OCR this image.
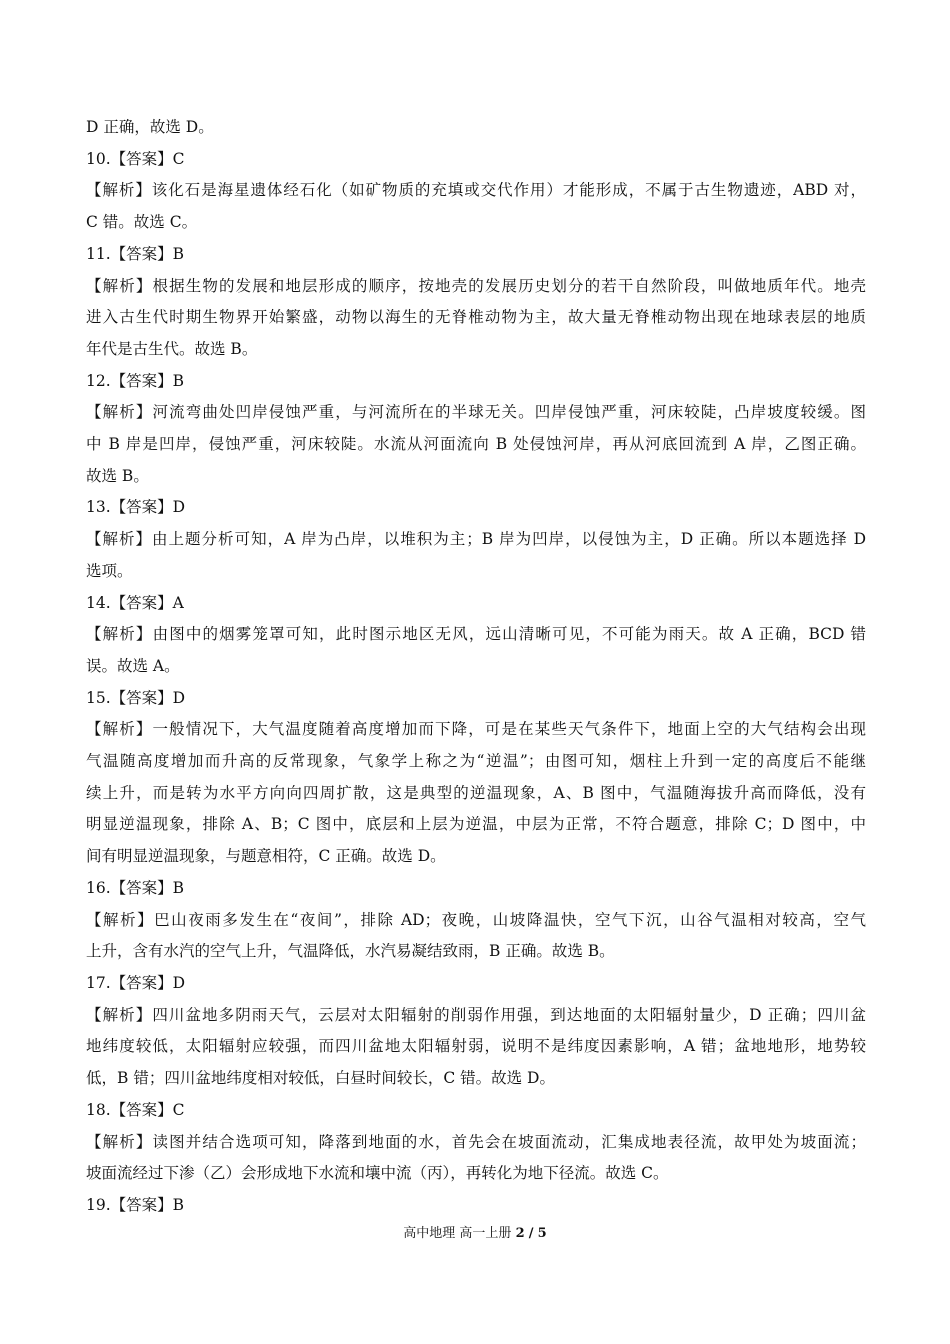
D 正确，故选 D。
10.【答案】C
【解析】该化石是海星遗体经石化（如矿物质的充填或交代作用）才能形成，不属于古生物遗迹，ABD 对，
C 错。故选 C。
11.【答案】B
【解析】根据生物的发展和地层形成的顺序，按地壳的发展历史划分的若干自然阶段，叫做地质年代。地壳
进入古生代时期生物界开始繁盛，动物以海生的无脊椎动物为主，故大量无脊椎动物出现在地球表层的地质
年代是古生代。故选 B。
12.【答案】B
【解析】河流弯曲处凹岸侵蚀严重，与河流所在的半球无关。凹岸侵蚀严重，河床较陡，凸岸坡度较缓。图
中 B 岸是凹岸，侵蚀严重，河床较陡。水流从河面流向 B 处侵蚀河岸，再从河底回流到 A 岸，乙图正确。
故选 B。
13.【答案】D
【解析】由上题分析可知，A 岸为凸岸，以堆积为主；B 岸为凹岸，以侵蚀为主，D 正确。所以本题选择 D
选项。
14.【答案】A
【解析】由图中的烟雾笼罩可知，此时图示地区无风，远山清晰可见，不可能为雨天。故 A 正确，BCD 错
误。故选 A。
15.【答案】D
【解析】一般情况下，大气温度随着高度增加而下降，可是在某些天气条件下，地面上空的大气结构会出现
气温随高度增加而升高的反常现象，气象学上称之为“逆温”；由图可知，烟柱上升到一定的高度后不能继
续上升，而是转为水平方向向四周扩散，这是典型的逆温现象，A、B 图中，气温随海拔升高而降低，没有
明显逆温现象，排除 A、B；C 图中，底层和上层为逆温，中层为正常，不符合题意，排除 C；D 图中，中
间有明显逆温现象，与题意相符，C 正确。故选 D。
16.【答案】B
【解析】巴山夜雨多发生在“夜间”，排除 AD；夜晚，山坡降温快，空气下沉，山谷气温相对较高，空气
上升，含有水汽的空气上升，气温降低，水汽易凝结致雨，B 正确。故选 B。
17.【答案】D
【解析】四川盆地多阴雨天气，云层对太阳辐射的削弱作用强，到达地面的太阳辐射量少，D 正确；四川盆
地纬度较低，太阳辐射应较强，而四川盆地太阳辐射弱，说明不是纬度因素影响，A 错；盆地地形，地势较
低，B 错；四川盆地纬度相对较低，白昼时间较长，C 错。故选 D。
18.【答案】C
【解析】读图并结合选项可知，降落到地面的水，首先会在坡面流动，汇集成地表径流，故甲处为坡面流；
坡面流经过下渗（乙）会形成地下水流和壤中流（丙），再转化为地下径流。故选 C。
19.【答案】B
高中地理 高一上册 2 / 5
